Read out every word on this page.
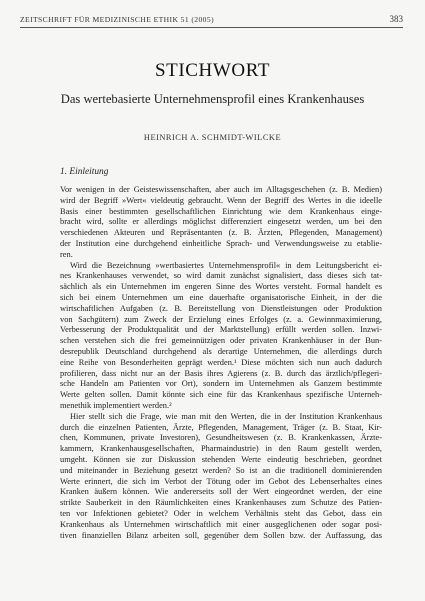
ZEITSCHRIFT FÜR MEDIZINISCHE ETHIK 51 (2005)	383
STICHWORT
Das wertebasierte Unternehmensprofil eines Krankenhauses
HEINRICH A. SCHMIDT-WILCKE
1. Einleitung
Vor wenigen in der Geisteswissenschaften, aber auch im Alltagsgeschehen (z. B. Medien)
wird der Begriff »Wert« vieldeutig gebraucht. Wenn der Begriff des Wertes in die ideelle
Basis einer bestimmten gesellschaftlichen Einrichtung wie dem Krankenhaus einge-
bracht wird, sollte er allerdings möglichst differenziert eingesetzt werden, um bei den
verschiedenen Akteuren und Repräsentanten (z. B. Ärzten, Pflegenden, Management)
der Institution eine durchgehend einheitliche Sprach- und Verwendungsweise zu etablie-
ren.
Wird die Bezeichnung »wertbasiertes Unternehmensprofil« in dem Leitungsbericht ei-
nes Krankenhauses verwendet, so wird damit zunächst signalisiert, dass dieses sich tat-
sächlich als ein Unternehmen im engeren Sinne des Wortes versteht. Formal handelt es
sich bei einem Unternehmen um eine dauerhafte organisatorische Einheit, in der die
wirtschaftlichen Aufgaben (z. B. Bereitstellung von Dienstleistungen oder Produktion
von Sachgütern) zum Zweck der Erzielung eines Erfolges (z. a. Gewinnmaximierung,
Verbesserung der Produktqualität und der Marktstellung) erfüllt werden sollen. Inzwi-
schen verstehen sich die frei gemeinnützigen oder privaten Krankenhäuser in der Bun-
desrepublik Deutschland durchgehend als derartige Unternehmen, die allerdings durch
eine Reihe von Besonderheiten geprägt werden.¹ Diese möchten sich nun auch dadurch
profilieren, dass nicht nur an der Basis ihres Agierens (z. B. durch das ärztlich/pflegeri-
sche Handeln am Patienten vor Ort), sondern im Unternehmen als Ganzem bestimmte
Werte gelten sollen. Damit könnte sich eine für das Krankenhaus spezifische Unterneh-
menethik implementiert werden.²
Hier stellt sich die Frage, wie man mit den Werten, die in der Institution Krankenhaus
durch die einzelnen Patienten, Ärzte, Pflegenden, Management, Träger (z. B. Staat, Kir-
chen, Kommunen, private Investoren), Gesundheitswesen (z. B. Krankenkassen, Ärzte-
kammern, Krankenhausgesellschaften, Pharmaindustrie) in den Raum gestellt werden,
umgeht. Können sie zur Diskussion stehenden Werte eindeutig beschrieben, geordnet
und miteinander in Beziehung gesetzt werden? So ist an die traditionell dominierenden
Werte erinnert, die sich im Verbot der Tötung oder im Gebot des Lebenserhaltes eines
Kranken äußern können. Wie andererseits soll der Wert eingeordnet werden, der eine
strikte Sauberkeit in den Räumlichkeiten eines Krankenhauses zum Schutze des Patien-
ten vor Infektionen gebietet? Oder in welchem Verhältnis steht das Gebot, dass ein
Krankenhaus als Unternehmen wirtschaftlich mit einer ausgeglichenen oder sogar posi-
tiven finanziellen Bilanz arbeiten soll, gegenüber dem Sollen bzw. der Auffassung, das
